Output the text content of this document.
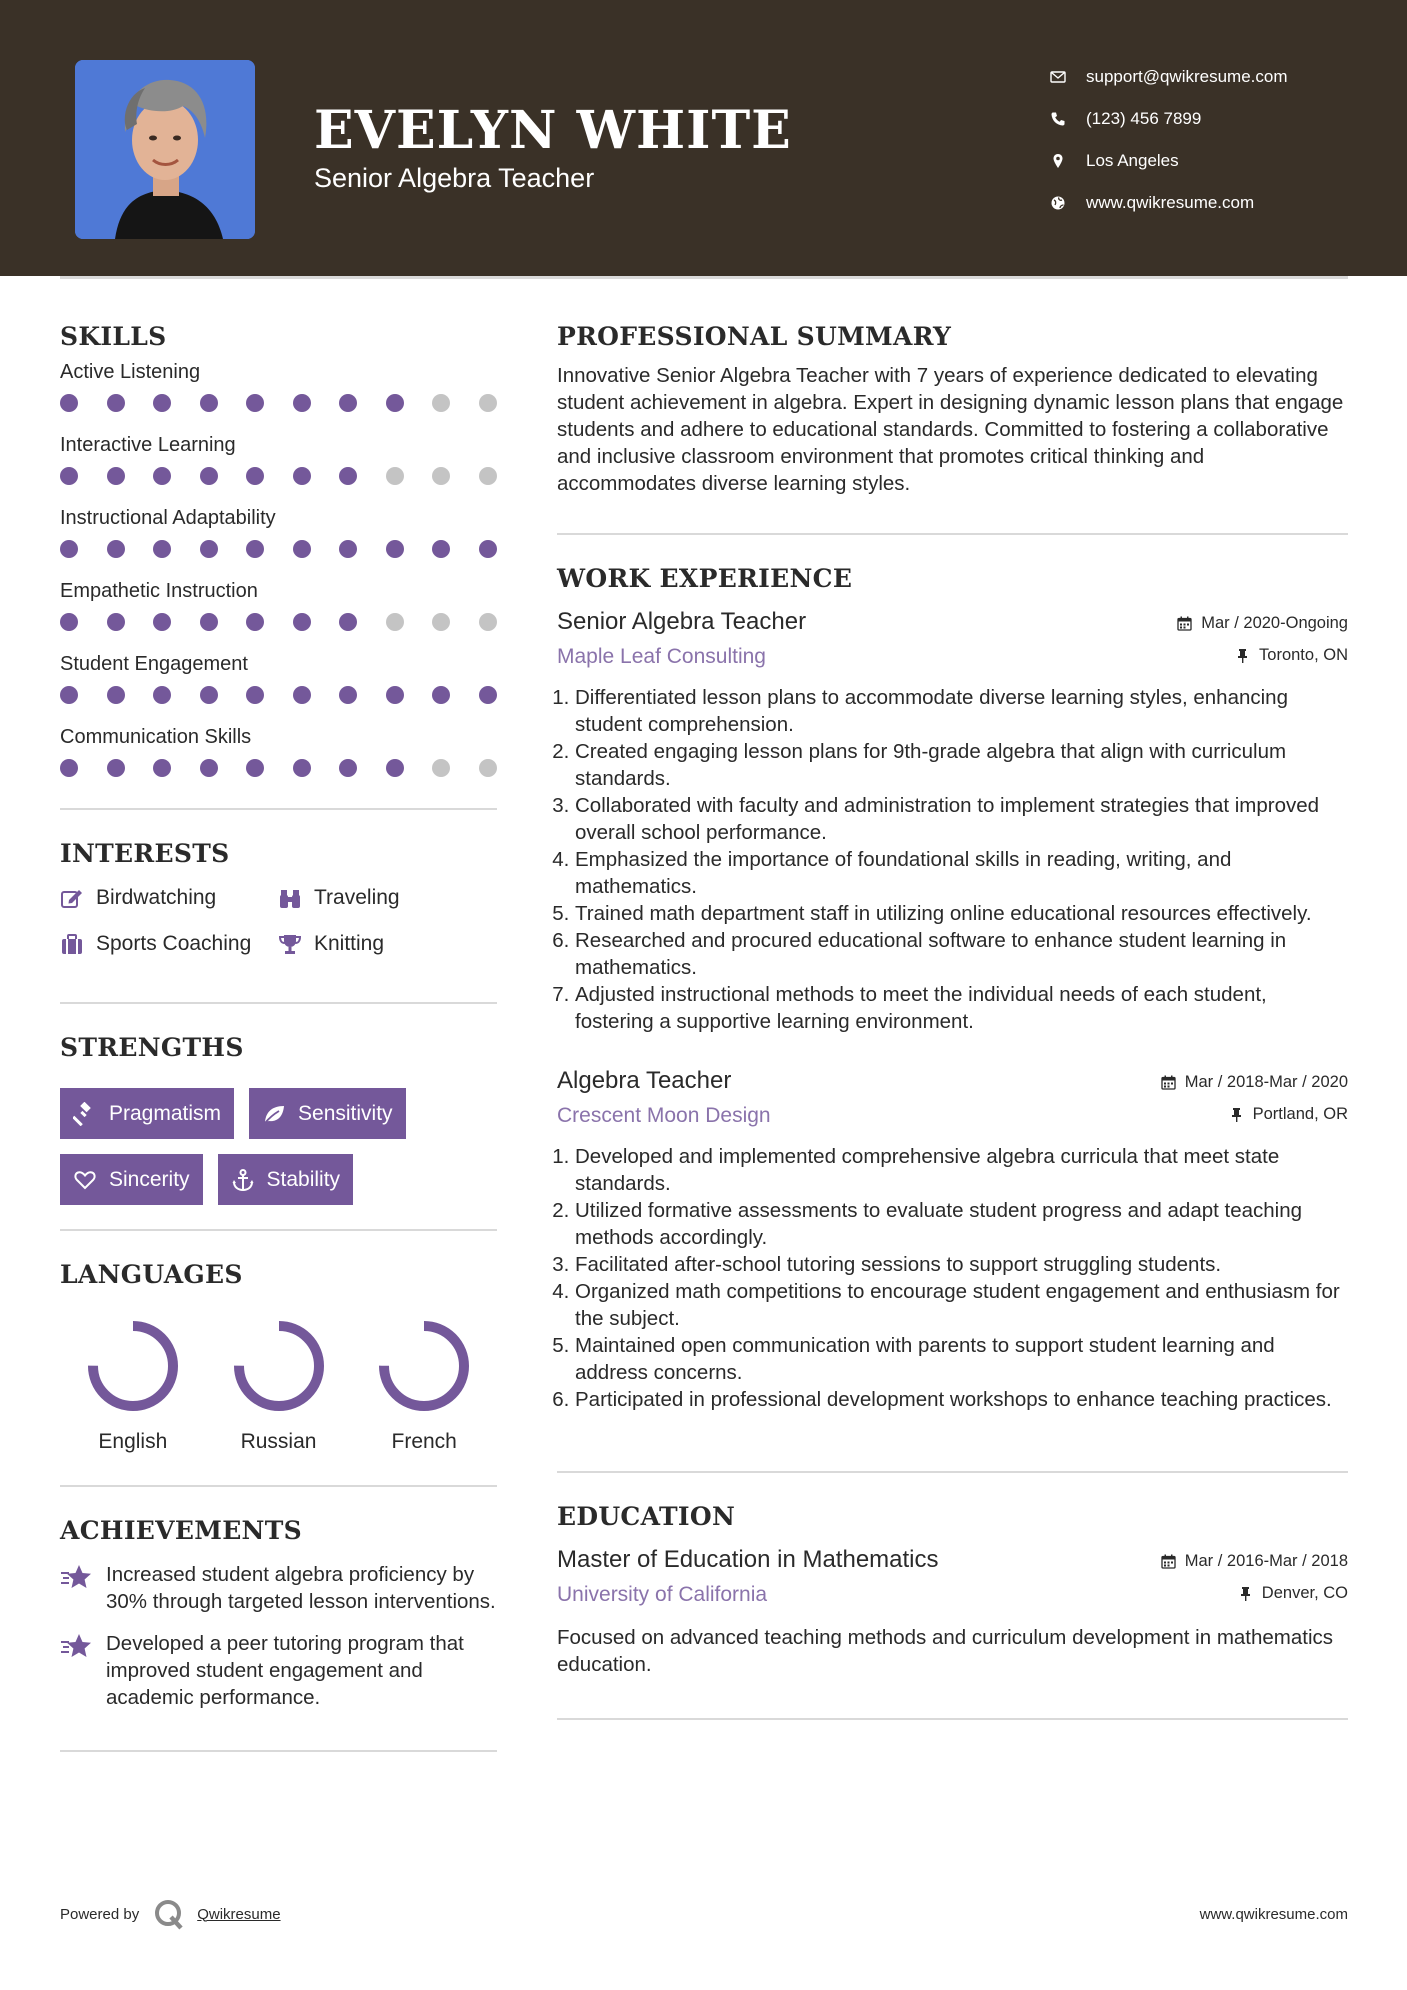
EVELYN WHITE
Senior Algebra Teacher
support@qwikresume.com
(123) 456 7899
Los Angeles
www.qwikresume.com
SKILLS
Active Listening
Interactive Learning
Instructional Adaptability
Empathetic Instruction
Student Engagement
Communication Skills
INTERESTS
Birdwatching	Traveling
Sports Coaching	Knitting
STRENGTHS
Pragmatism	Sensitivity
Sincerity	Stability
LANGUAGES
English	Russian	French
ACHIEVEMENTS
Increased student algebra proficiency by 30% through targeted lesson interventions.
Developed a peer tutoring program that improved student engagement and academic performance.
PROFESSIONAL SUMMARY
Innovative Senior Algebra Teacher with 7 years of experience dedicated to elevating student achievement in algebra. Expert in designing dynamic lesson plans that engage students and adhere to educational standards. Committed to fostering a collaborative and inclusive classroom environment that promotes critical thinking and accommodates diverse learning styles.
WORK EXPERIENCE
Senior Algebra Teacher
Maple Leaf Consulting
Mar / 2020-Ongoing
Toronto, ON
1. Differentiated lesson plans to accommodate diverse learning styles, enhancing student comprehension.
2. Created engaging lesson plans for 9th-grade algebra that align with curriculum standards.
3. Collaborated with faculty and administration to implement strategies that improved overall school performance.
4. Emphasized the importance of foundational skills in reading, writing, and mathematics.
5. Trained math department staff in utilizing online educational resources effectively.
6. Researched and procured educational software to enhance student learning in mathematics.
7. Adjusted instructional methods to meet the individual needs of each student, fostering a supportive learning environment.
Algebra Teacher
Crescent Moon Design
Mar / 2018-Mar / 2020
Portland, OR
1. Developed and implemented comprehensive algebra curricula that meet state standards.
2. Utilized formative assessments to evaluate student progress and adapt teaching methods accordingly.
3. Facilitated after-school tutoring sessions to support struggling students.
4. Organized math competitions to encourage student engagement and enthusiasm for the subject.
5. Maintained open communication with parents to support student learning and address concerns.
6. Participated in professional development workshops to enhance teaching practices.
EDUCATION
Master of Education in Mathematics
University of California
Mar / 2016-Mar / 2018
Denver, CO
Focused on advanced teaching methods and curriculum development in mathematics education.
Powered by	Qwikresume	www.qwikresume.com
